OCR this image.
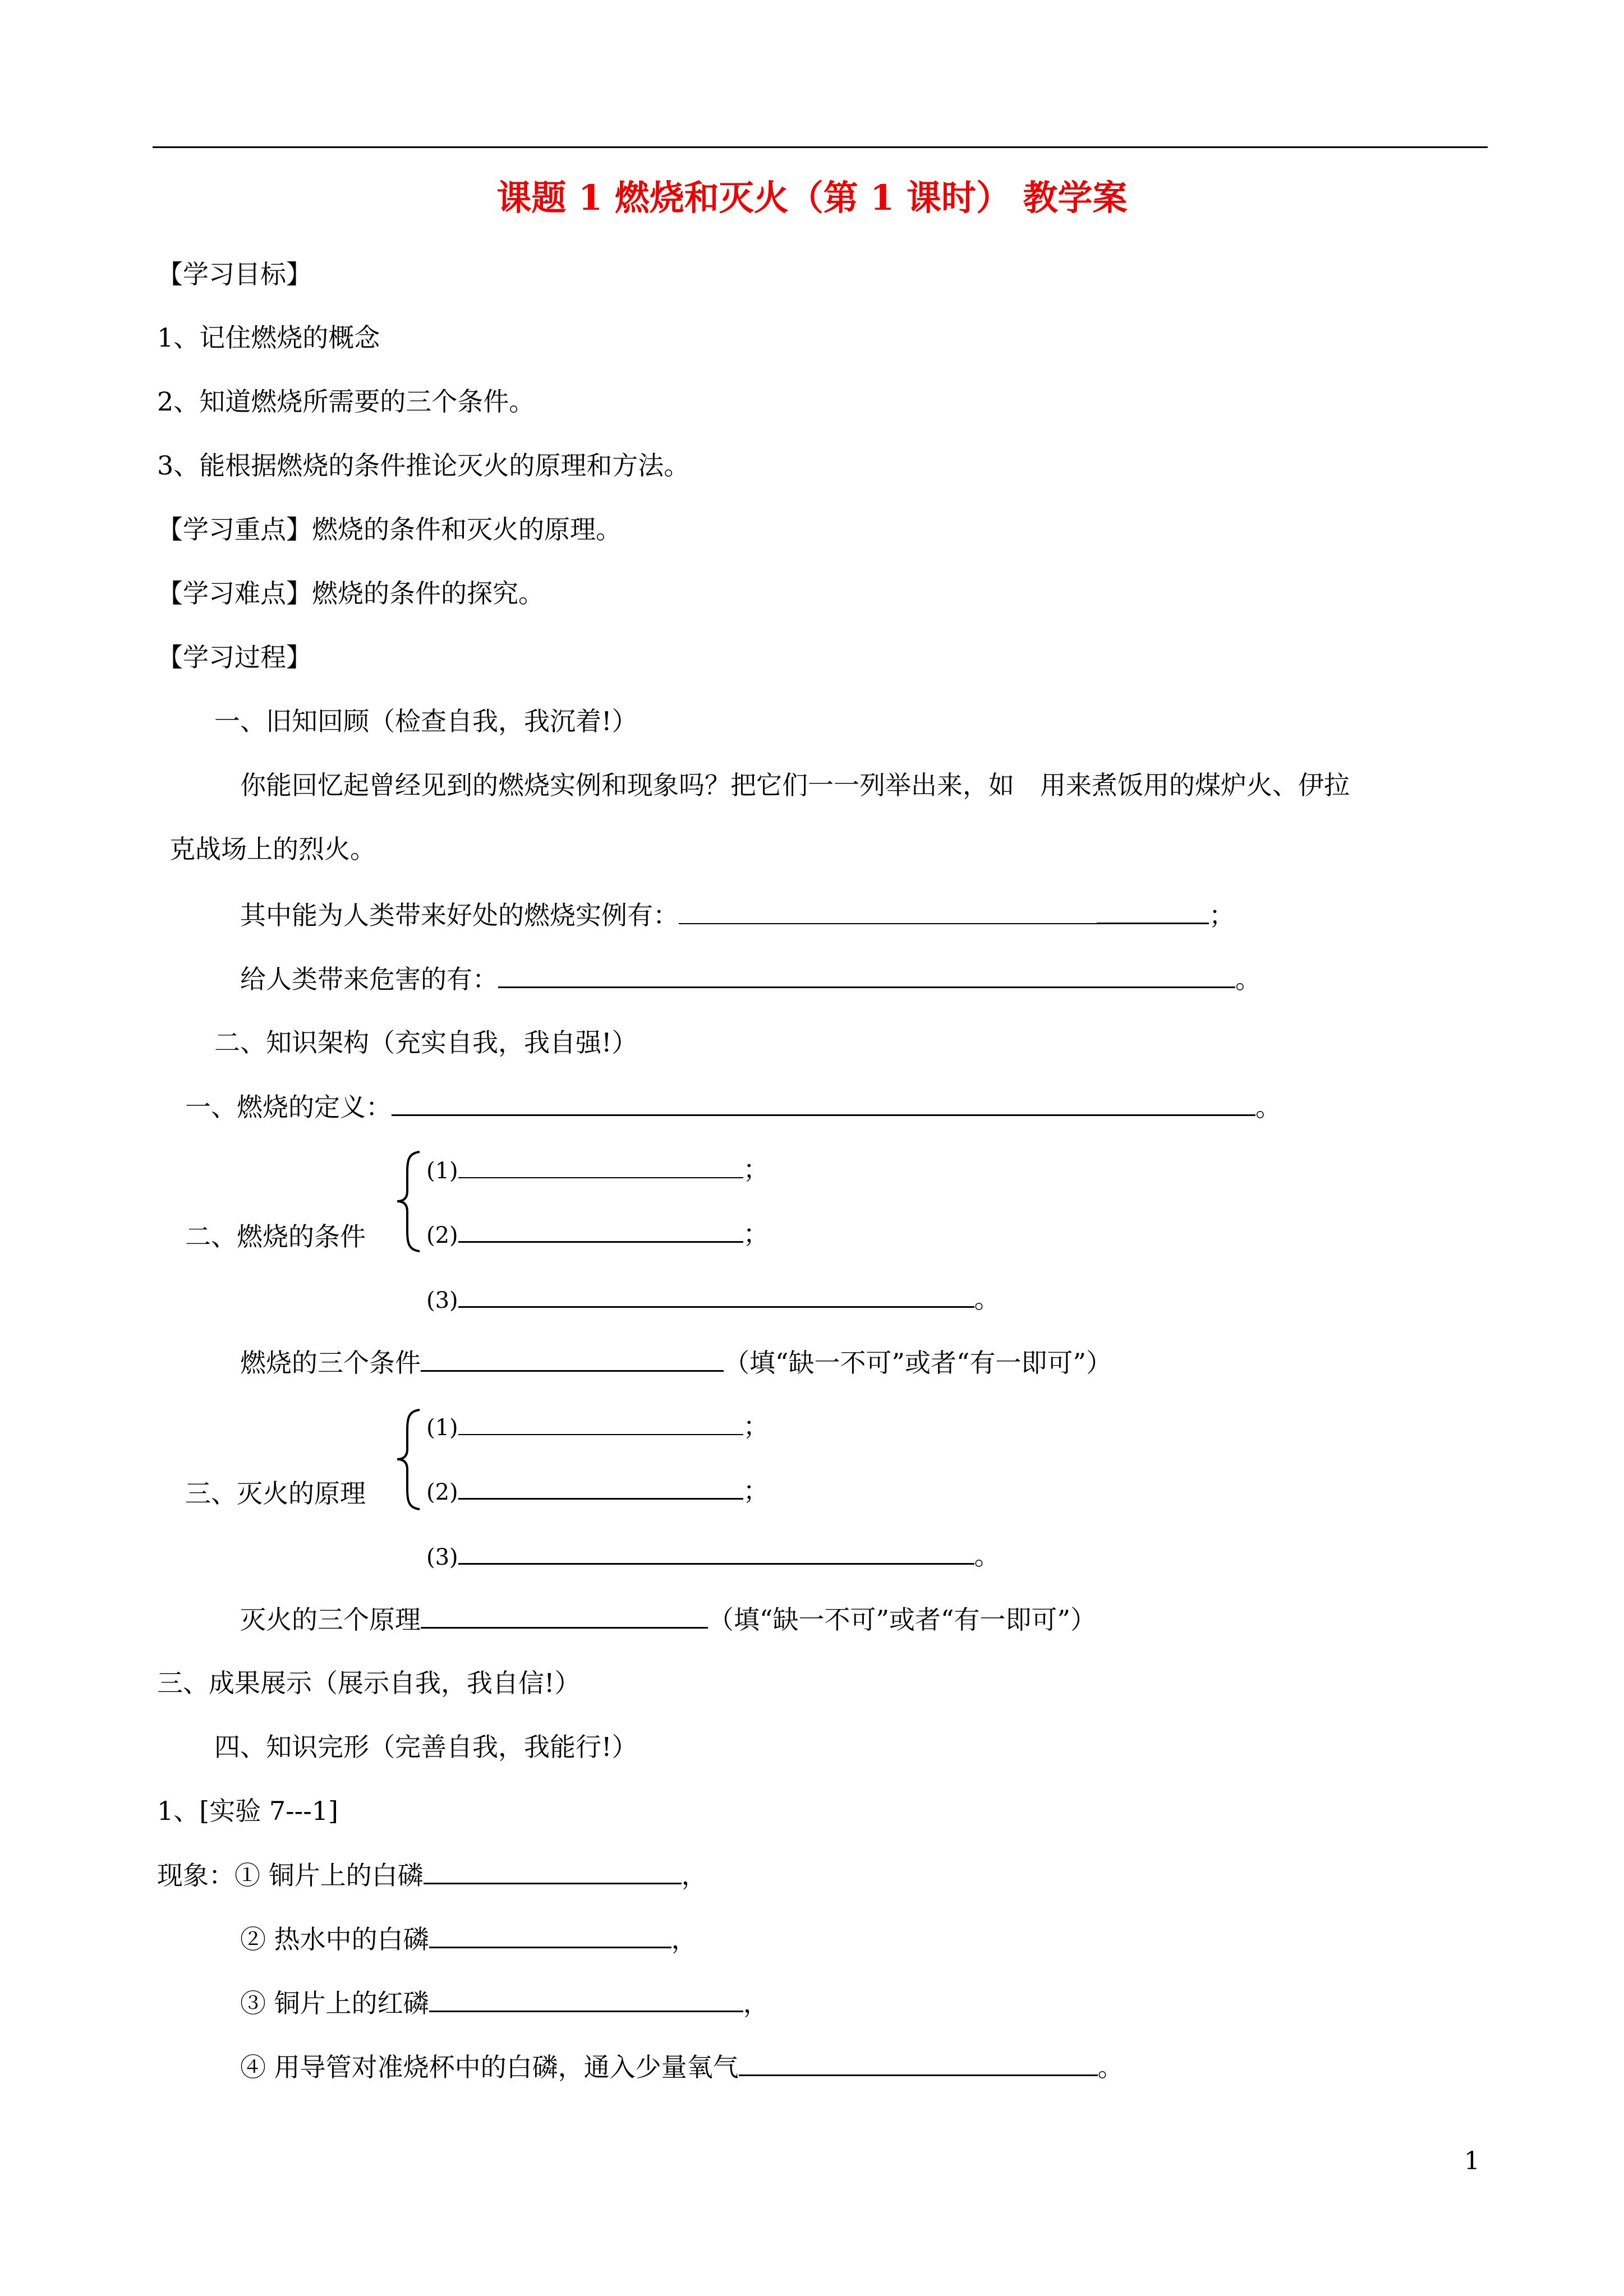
课题 1 燃烧和灭火（第 1 课时） 教学案
【学习目标】
1、记住燃烧的概念
2、知道燃烧所需要的三个条件。
3、能根据燃烧的条件推论灭火的原理和方法。
【学习重点】燃烧的条件和灭火的原理。
【学习难点】燃烧的条件的探究。
【学习过程】
一、旧知回顾（检查自我，我沉着!）
你能回忆起曾经见到的燃烧实例和现象吗？把它们一一列举出来，如　用来煮饭用的煤炉火、伊拉
克战场上的烈火。
其中能为人类带来好处的燃烧实例有：	；
给人类带来危害的有：	。
二、知识架构（充实自我，我自强!）
一、燃烧的定义：	。
二、燃烧的条件
(1)	；
(2)	；
(3)	。
燃烧的三个条件	（填“缺一不可”或者“有一即可”）
三、灭火的原理
(1)	；
(2)	；
(3)	。
灭火的三个原理	（填“缺一不可”或者“有一即可”）
三、成果展示（展示自我，我自信!）
四、知识完形（完善自我，我能行!）
1、[实验 7---1]
现象：① 铜片上的白磷	，
② 热水中的白磷	，
③ 铜片上的红磷	，
④ 用导管对准烧杯中的白磷，通入少量氧气	。
1
